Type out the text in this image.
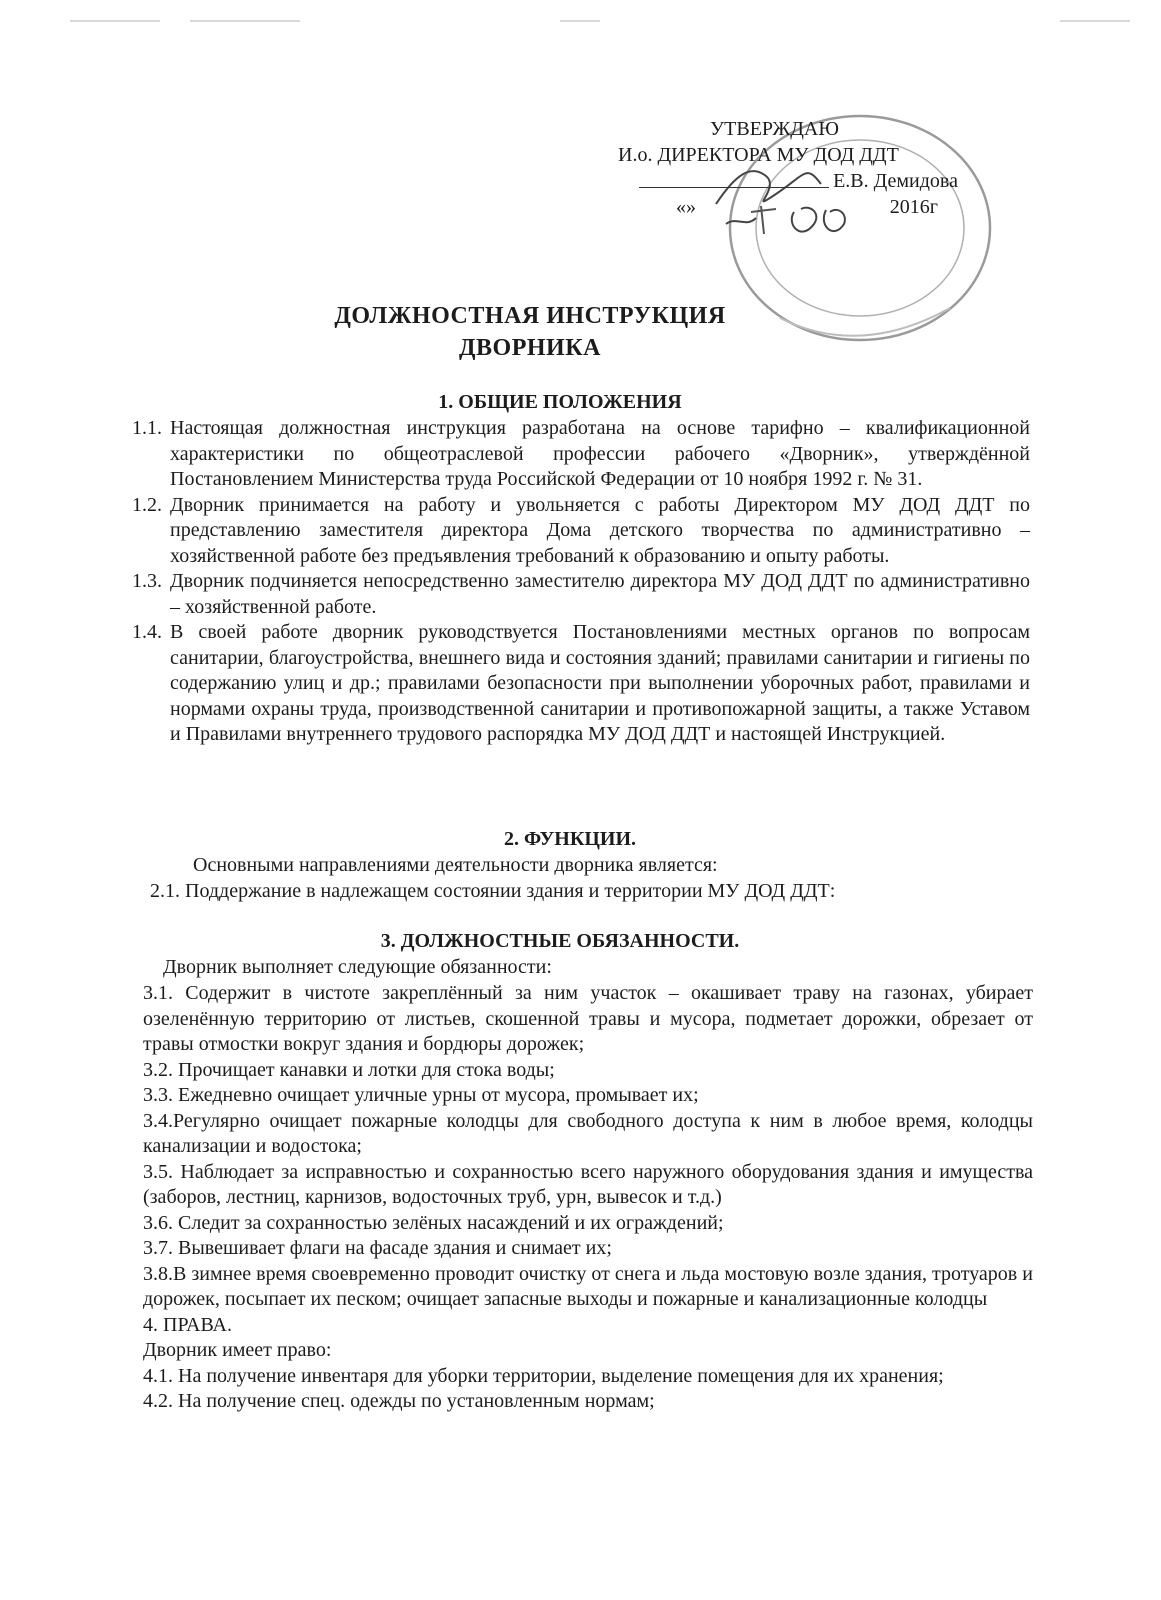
УТВЕРЖДАЮ
И.о. ДИРЕКТОРА МУ ДОД ДДТ
Е.В. Демидова
« »	2016г
ДОЛЖНОСТНАЯ ИНСТРУКЦИЯ
ДВОРНИКА
1. ОБЩИЕ ПОЛОЖЕНИЯ
1.1. Настоящая должностная инструкция разработана на основе тарифно – квалификационной характеристики по общеотраслевой профессии рабочего «Дворник», утверждённой Постановлением Министерства труда Российской Федерации от 10 ноября 1992 г. № 31.
1.2. Дворник принимается на работу и увольняется с работы Директором МУ ДОД ДДТ по представлению заместителя директора Дома детского творчества по административно – хозяйственной работе без предъявления требований к образованию и опыту работы.
1.3. Дворник подчиняется непосредственно заместителю директора МУ ДОД ДДТ по административно – хозяйственной работе.
1.4. В своей работе дворник руководствуется Постановлениями местных органов по вопросам санитарии, благоустройства, внешнего вида и состояния зданий; правилами санитарии и гигиены по содержанию улиц и др.; правилами безопасности при выполнении уборочных работ, правилами и нормами охраны труда, производственной санитарии и противопожарной защиты, а также Уставом и Правилами внутреннего трудового распорядка МУ ДОД ДДТ и настоящей Инструкцией.
2. ФУНКЦИИ.
Основными направлениями деятельности дворника является:
2.1. Поддержание в надлежащем состоянии здания и территории МУ ДОД ДДТ:
3. ДОЛЖНОСТНЫЕ ОБЯЗАННОСТИ.
Дворник выполняет следующие обязанности:
3.1. Содержит в чистоте закреплённый за ним участок – окашивает траву на газонах, убирает озеленённую территорию от листьев, скошенной травы и мусора, подметает дорожки, обрезает от травы отмостки вокруг здания и бордюры дорожек;
3.2. Прочищает канавки и лотки для стока воды;
3.3. Ежедневно очищает уличные урны от мусора, промывает их;
3.4.Регулярно очищает пожарные колодцы для свободного доступа к ним в любое время, колодцы канализации и водостока;
3.5. Наблюдает за исправностью и сохранностью всего наружного оборудования здания и имущества (заборов, лестниц, карнизов, водосточных труб, урн, вывесок и т.д.)
3.6. Следит за сохранностью зелёных насаждений и их ограждений;
3.7. Вывешивает флаги на фасаде здания и снимает их;
3.8.В зимнее время своевременно проводит очистку от снега и льда мостовую возле здания, тротуаров и дорожек, посыпает их песком; очищает запасные выходы и пожарные и канализационные колодцы
4. ПРАВА.
Дворник имеет право:
4.1. На получение инвентаря для уборки территории, выделение помещения для их хранения;
4.2. На получение спец. одежды по установленным нормам;
